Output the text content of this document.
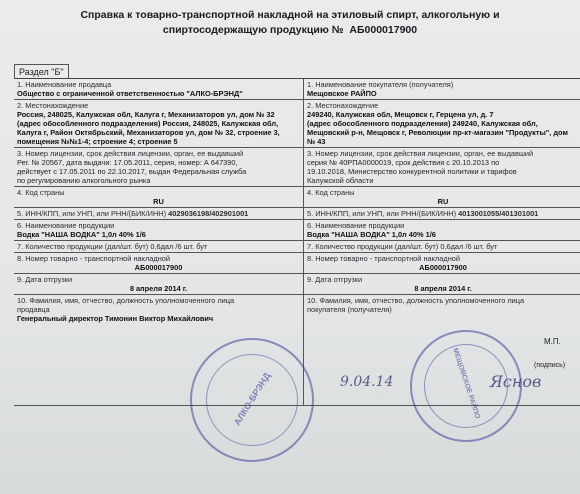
Справка к товарно-транспортной накладной на этиловый спирт, алкогольную и
спиртосодержащую продукцию № АБ000017900
Раздел "Б"
1. Наименование продавца
Общество с ограниченной ответственностью "АЛКО-БРЭНД"
1. Наименование покупателя (получателя)
Мещовское РАЙПО
2. Местонахождение
Россия, 248025, Калужская обл, Калуга г, Механизаторов ул, дом № 32
(адрес обособленного подразделения) Россия, 248025, Калужская обл,
Калуга г, Район Октябрьский, Механизаторов ул, дом № 32, строение 3,
помещения №№1-4; строение 4; строение 5
2. Местонахождение
249240, Калужская обл, Мещовск г, Герцена ул, д. 7
(адрес обособленного подразделения) 249240, Калужская обл,
Мещовский р-н, Мещовск г, Революции пр-кт-магазин "Продукты", дом
№ 43
3. Номер лицензии, срок действия лицензии, орган, ее выдавший
Рег. № 20567, дата выдачи: 17.05.2011, серия, номер: А 647390,
действует с 17.05.2011 по 22.10.2017, выдан Федеральная служба
по регулированию алкогольного рынка
3. Номер лицензии, срок действия лицензии, орган, ее выдавший
серия № 40РПА0000019, срок действия с 20.10.2013 по
19.10.2018, Министерство конкурентной политики и тарифов
Калужской области
4. Код страны
RU
4. Код страны
RU
5. ИНН/КПП, или УНП, или РНН/(БИК/ИНН) 4029036198/402901001	5. ИНН/КПП, или УНП, или РНН/(БИК/ИНН) 4013001055/401301001
6. Наименование продукции
Водка "НАША ВОДКА" 1,0л 40% 1/6
6. Наименование продукции
Водка "НАША ВОДКА" 1,0л 40% 1/6
7. Количество продукции (дал/шт. бут) 0,6дал /6 шт. бут	7. Количество продукции (дал/шт. бут) 0,6дал /6 шт. бут
8. Номер товарно - транспортной накладной
АБ000017900
8. Номер товарно - транспортной накладной
АБ000017900
9. Дата отгрузки
8 апреля 2014 г.
9. Дата отгрузки
8 апреля 2014 г.
10. Фамилия, имя, отчество, должность уполномоченного лица
продавца
Генеральный директор Тимонин Виктор Михайлович
10. Фамилия, имя, отчество, должность уполномоченного лица
покупателя (получателя)
М.П.
(подпись)
АЛКО-БРЭНД	МЕЩОВСКОЕ РАЙПО
9.04.14	Яснов
